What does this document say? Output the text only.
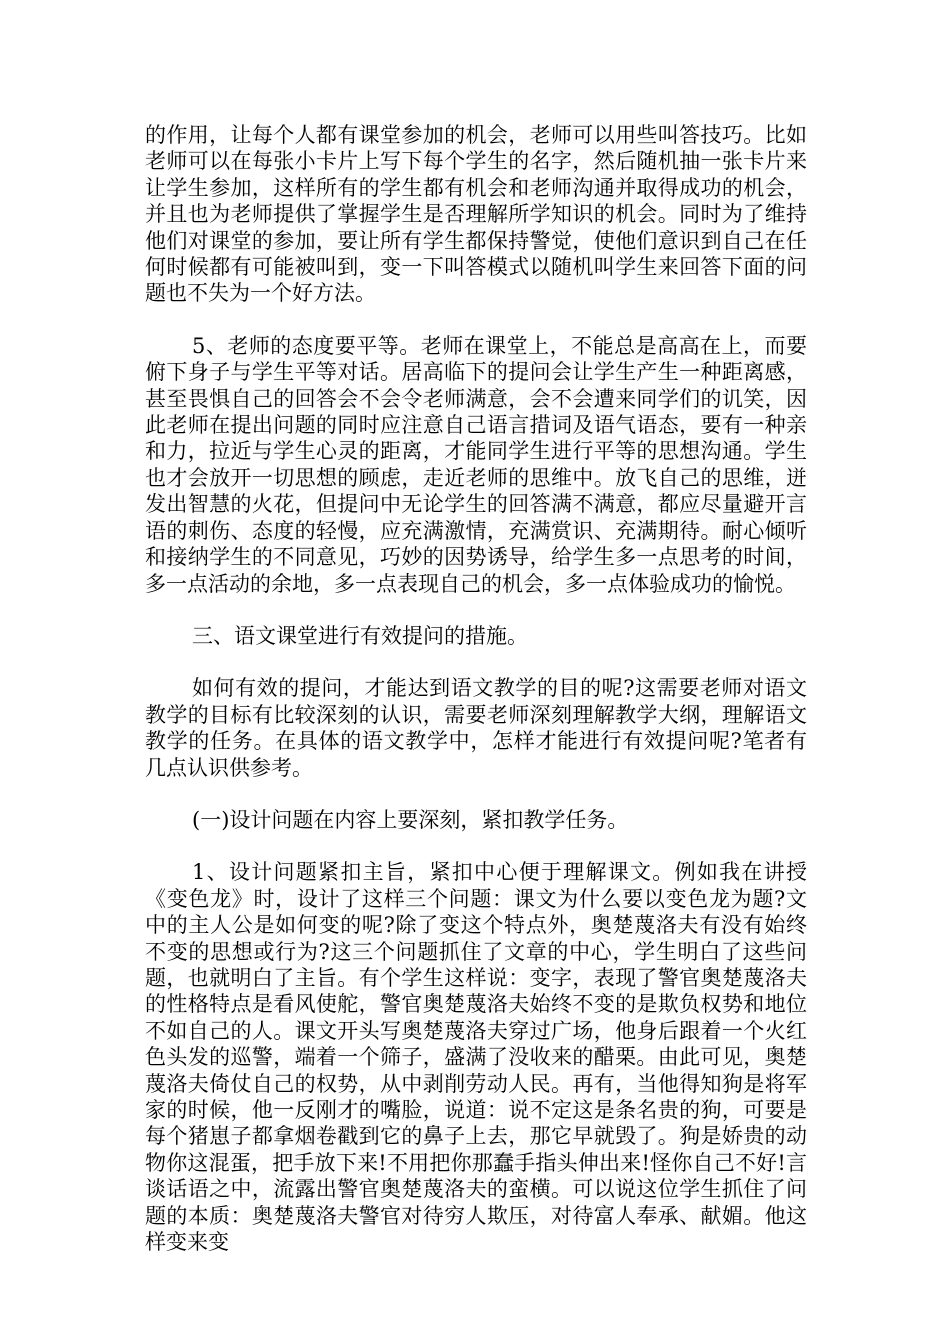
的作用，让每个人都有课堂参加的机会，老师可以用些叫答技巧。比如老师可以在每张小卡片上写下每个学生的名字，然后随机抽一张卡片来让学生参加，这样所有的学生都有机会和老师沟通并取得成功的机会，并且也为老师提供了掌握学生是否理解所学知识的机会。同时为了维持他们对课堂的参加，要让所有学生都保持警觉，使他们意识到自己在任何时候都有可能被叫到，变一下叫答模式以随机叫学生来回答下面的问题也不失为一个好方法。

5、老师的态度要平等。老师在课堂上，不能总是高高在上，而要俯下身子与学生平等对话。居高临下的提问会让学生产生一种距离感，甚至畏惧自己的回答会不会令老师满意，会不会遭来同学们的讥笑，因此老师在提出问题的同时应注意自己语言措词及语气语态，要有一种亲和力，拉近与学生心灵的距离，才能同学生进行平等的思想沟通。学生也才会放开一切思想的顾虑，走近老师的思维中。放飞自己的思维，迸发出智慧的火花，但提问中无论学生的回答满不满意，都应尽量避开言语的刺伤、态度的轻慢，应充满激情，充满赏识、充满期待。耐心倾听和接纳学生的不同意见，巧妙的因势诱导，给学生多一点思考的时间，多一点活动的余地，多一点表现自己的机会，多一点体验成功的愉悦。

三、语文课堂进行有效提问的措施。

如何有效的提问，才能达到语文教学的目的呢?这需要老师对语文教学的目标有比较深刻的认识，需要老师深刻理解教学大纲，理解语文教学的任务。在具体的语文教学中，怎样才能进行有效提问呢?笔者有几点认识供参考。

(一)设计问题在内容上要深刻，紧扣教学任务。

1、设计问题紧扣主旨，紧扣中心便于理解课文。例如我在讲授《变色龙》时，设计了这样三个问题：课文为什么要以变色龙为题?文中的主人公是如何变的呢?除了变这个特点外，奥楚蔑洛夫有没有始终不变的思想或行为?这三个问题抓住了文章的中心，学生明白了这些问题，也就明白了主旨。有个学生这样说：变字，表现了警官奥楚蔑洛夫的性格特点是看风使舵，警官奥楚蔑洛夫始终不变的是欺负权势和地位不如自己的人。课文开头写奥楚蔑洛夫穿过广场，他身后跟着一个火红色头发的巡警，端着一个筛子，盛满了没收来的醋栗。由此可见，奥楚蔑洛夫倚仗自己的权势，从中剥削劳动人民。再有，当他得知狗是将军家的时候，他一反刚才的嘴脸，说道：说不定这是条名贵的狗，可要是每个猪崽子都拿烟卷戳到它的鼻子上去，那它早就毁了。狗是娇贵的动物你这混蛋，把手放下来!不用把你那蠢手指头伸出来!怪你自己不好!言谈话语之中，流露出警官奥楚蔑洛夫的蛮横。可以说这位学生抓住了问题的本质：奥楚蔑洛夫警官对待穷人欺压，对待富人奉承、献媚。他这样变来变
